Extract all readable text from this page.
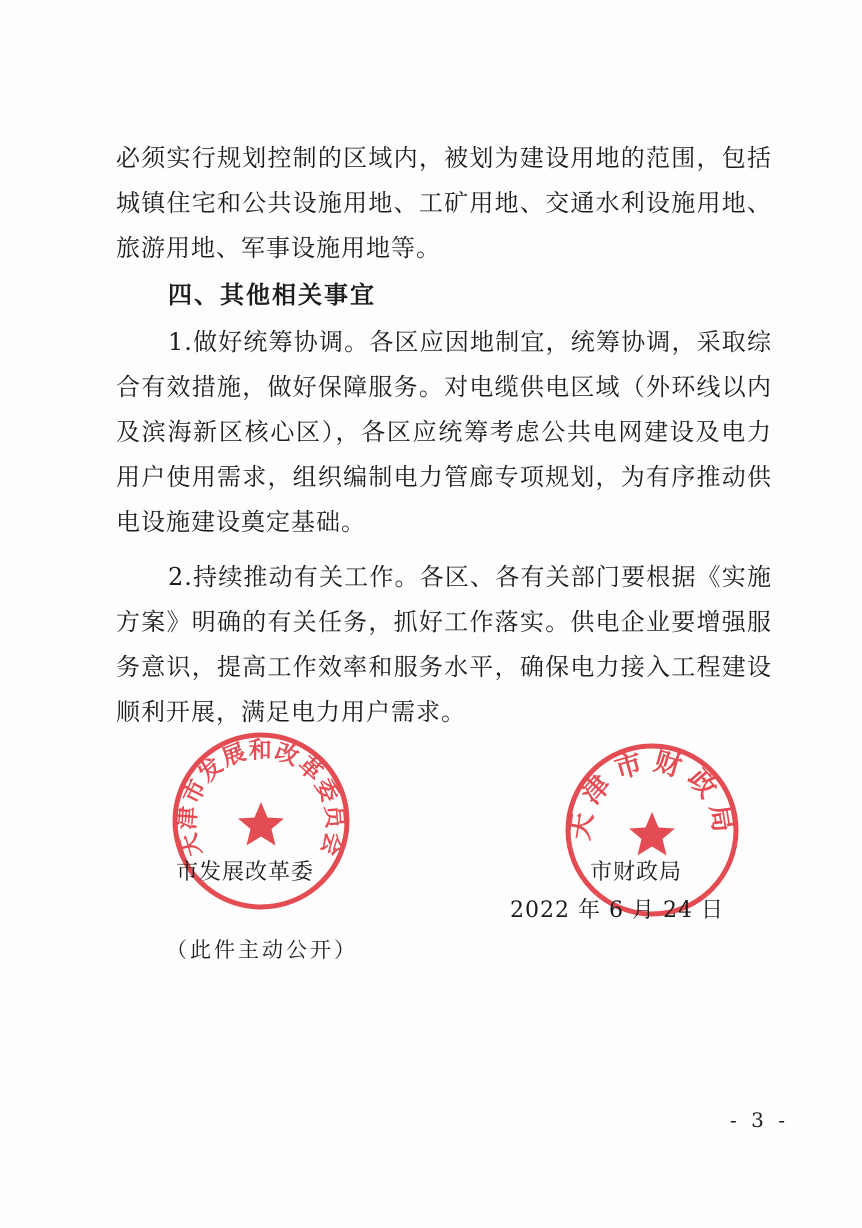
必须实行规划控制的区域内，被划为建设用地的范围，包括城镇住宅和公共设施用地、工矿用地、交通水利设施用地、旅游用地、军事设施用地等。

四、其他相关事宜

1.做好统筹协调。各区应因地制宜，统筹协调，采取综合有效措施，做好保障服务。对电缆供电区域（外环线以内及滨海新区核心区），各区应统筹考虑公共电网建设及电力用户使用需求，组织编制电力管廊专项规划，为有序推动供电设施建设奠定基础。

2.持续推动有关工作。各区、各有关部门要根据《实施方案》明确的有关任务，抓好工作落实。供电企业要增强服务意识，提高工作效率和服务水平，确保电力接入工程建设顺利开展，满足电力用户需求。

天津市发展和改革委员会
天津市财政局
市发展改革委	市财政局
2022 年 6 月 24 日
（此件主动公开）
- 3 -
